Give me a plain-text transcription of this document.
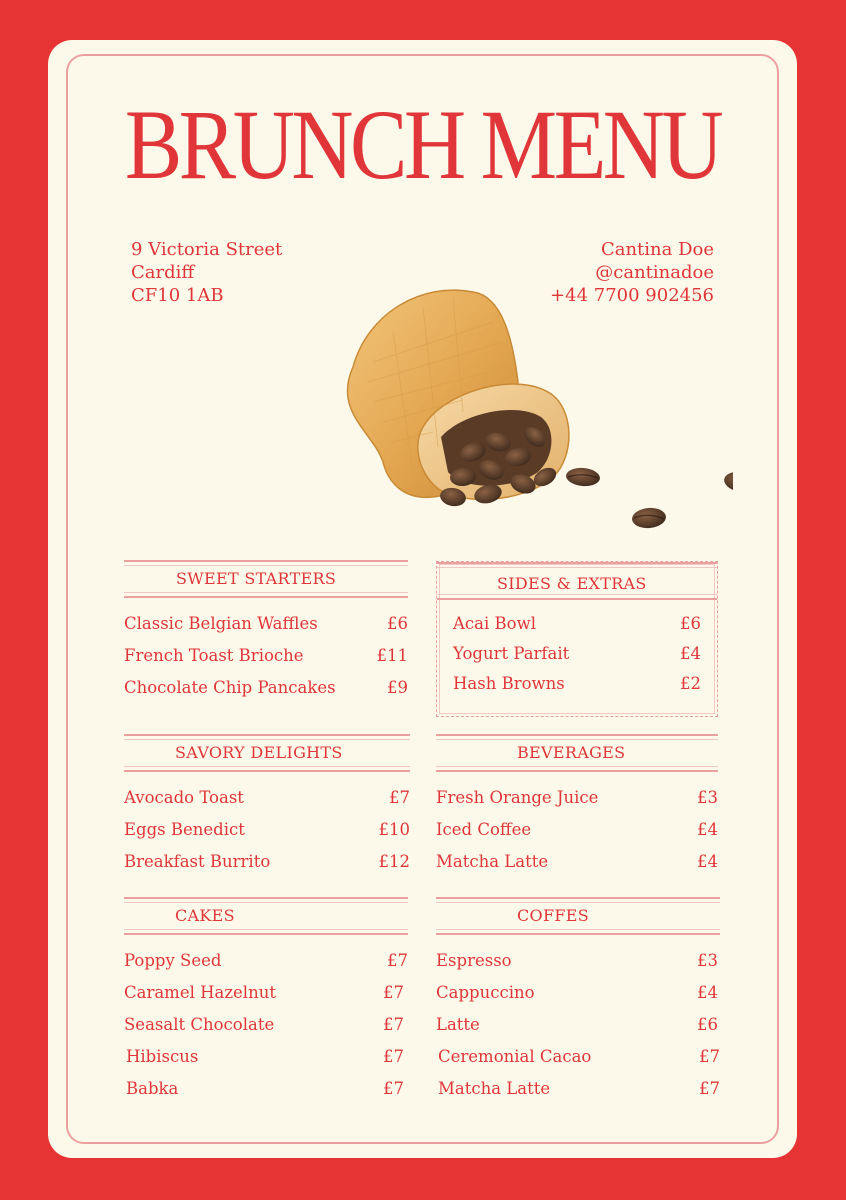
BRUNCH MENU
9 Victoria Street
Cardiff
CF10 1AB
Cantina Doe
@cantinadoe
+44 7700 902456
SWEET STARTERS
Classic Belgian Waffles	£6
French Toast Brioche	£11
Chocolate Chip Pancakes	£9
SIDES & EXTRAS
Acai Bowl	£6
Yogurt Parfait	£4
Hash Browns	£2
SAVORY DELIGHTS
Avocado Toast	£7
Eggs Benedict	£10
Breakfast Burrito	£12
BEVERAGES
Fresh Orange Juice	£3
Iced Coffee	£4
Matcha Latte	£4
CAKES
Poppy Seed	£7
Caramel Hazelnut	£7
Seasalt Chocolate	£7
Hibiscus	£7
Babka	£7
COFFES
Espresso	£3
Cappuccino	£4
Latte	£6
Ceremonial Cacao	£7
Matcha Latte	£7
